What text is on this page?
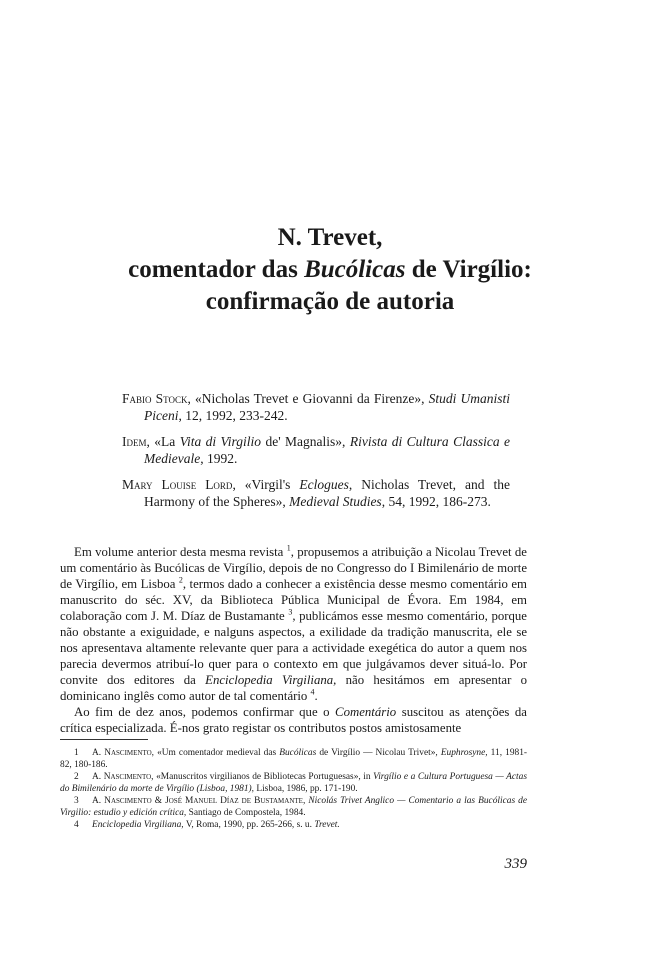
N. Trevet,
comentador das Bucólicas de Virgílio:
confirmação de autoria
Fabio Stock, «Nicholas Trevet e Giovanni da Firenze», Studi Umanisti Piceni, 12, 1992, 233-242.
Idem, «La Vita di Virgilio de' Magnalis», Rivista di Cultura Classica e Medievale, 1992.
Mary Louise Lord, «Virgil's Eclogues, Nicholas Trevet, and the Harmony of the Spheres», Medieval Studies, 54, 1992, 186-273.

Em volume anterior desta mesma revista $^1$, propusemos a atribuição a Nicolau Trevet de um comentário às Bucólicas de Virgílio, depois de no Congresso do I Bimilenário de morte de Virgílio, em Lisboa $^2$, termos dado a conhecer a existência desse mesmo comentário em manuscrito do séc. XV, da Biblioteca Pública Municipal de Évora. Em 1984, em colaboração com J. M. Díaz de Bustamante $^3$, publicámos esse mesmo comentário, porque não obstante a exiguidade, e nalguns aspectos, a exilidade da tradição manuscrita, ele se nos apresentava altamente relevante quer para a actividade exegética do autor a quem nos parecia devermos atribuí-lo quer para o contexto em que julgávamos dever situá-lo. Por convite dos editores da Enciclopedia Virgiliana, não hesitámos em apresentar o dominicano inglês como autor de tal comentário $^4$.

Ao fim de dez anos, podemos confirmar que o Comentário suscitou as atenções da crítica especializada. É-nos grato registar os contributos postos amistosamente

1 A. Nascimento, «Um comentador medieval das Bucólicas de Virgílio — Nicolau Trivet», Euphrosyne, 11, 1981-82, 180-186.

2 A. Nascimento, «Manuscritos virgilianos de Bibliotecas Portuguesas», in Virgílio e a Cultura Portuguesa — Actas do Bimilenário da morte de Virgílio (Lisboa, 1981), Lisboa, 1986, pp. 171-190.

3 A. Nascimento & José Manuel Díaz de Bustamante, Nicolás Trivet Anglico — Comentario a las Bucólicas de Virgilio: estudio y edición crítica, Santiago de Compostela, 1984.

4 Enciclopedia Virgiliana, V, Roma, 1990, pp. 265-266, s. u. Trevet.

339
